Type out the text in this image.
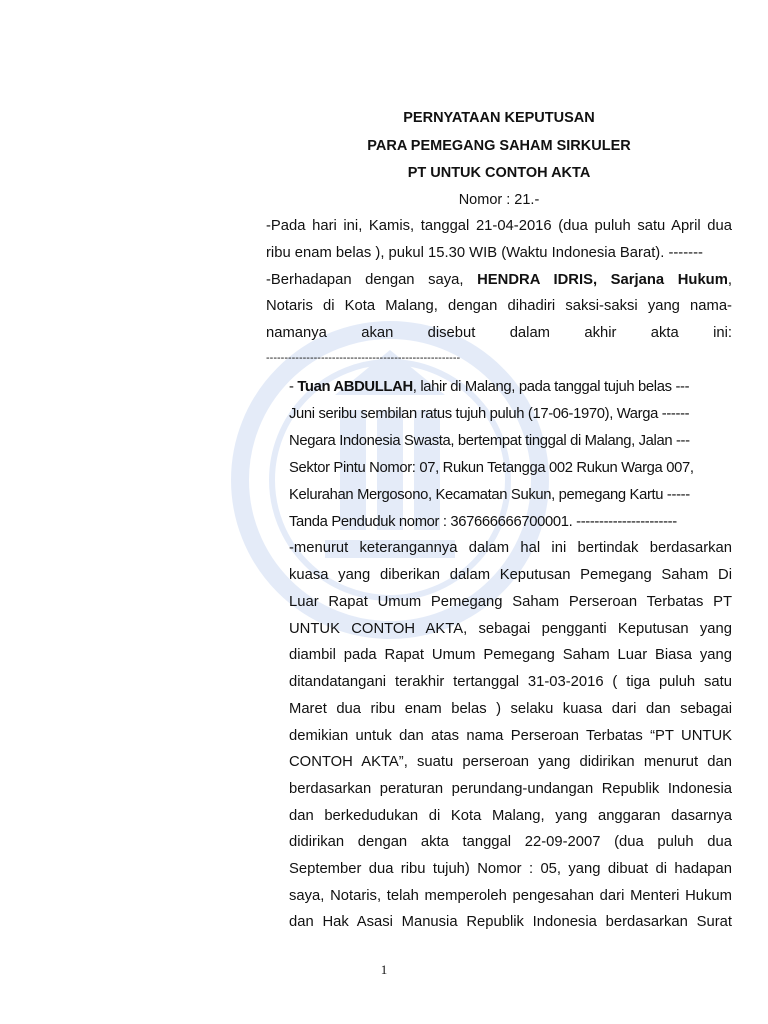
PERNYATAAN KEPUTUSAN
PARA PEMEGANG SAHAM SIRKULER
PT UNTUK CONTOH AKTA
Nomor : 21.-
-Pada hari ini, Kamis, tanggal 21-04-2016 (dua puluh satu April dua
ribu enam belas ), pukul 15.30 WIB (Waktu Indonesia Barat). -------
-Berhadapan dengan saya, HENDRA IDRIS, Sarjana Hukum,
Notaris di Kota Malang, dengan dihadiri saksi-saksi yang nama-
namanya akan disebut dalam akhir akta ini:
-----------------------------------------------------
- Tuan ABDULLAH, lahir di Malang, pada tanggal tujuh belas ---
Juni seribu sembilan ratus tujuh puluh (17-06-1970), Warga ------
Negara Indonesia Swasta, bertempat tinggal di Malang, Jalan ---
Sektor Pintu Nomor: 07, Rukun Tetangga 002 Rukun Warga 007,
Kelurahan Mergosono, Kecamatan Sukun, pemegang Kartu -----
Tanda Penduduk nomor : 367666666700001. ----------------------
-menurut keterangannya dalam hal ini bertindak berdasarkan
kuasa yang diberikan dalam Keputusan Pemegang Saham Di
Luar Rapat Umum Pemegang Saham Perseroan Terbatas PT
UNTUK CONTOH AKTA, sebagai pengganti Keputusan yang
diambil pada Rapat Umum Pemegang Saham Luar Biasa yang
ditandatangani terakhir tertanggal 31-03-2016 ( tiga puluh satu
Maret dua ribu enam belas ) selaku kuasa dari dan sebagai
demikian untuk dan atas nama Perseroan Terbatas “PT UNTUK
CONTOH AKTA”, suatu perseroan yang didirikan menurut dan
berdasarkan peraturan perundang-undangan Republik Indonesia
dan berkedudukan di Kota Malang, yang anggaran dasarnya
didirikan dengan akta tanggal 22-09-2007 (dua puluh dua
September dua ribu tujuh) Nomor : 05, yang dibuat di hadapan
saya, Notaris, telah memperoleh pengesahan dari Menteri Hukum
dan Hak Asasi Manusia Republik Indonesia berdasarkan Surat
1
